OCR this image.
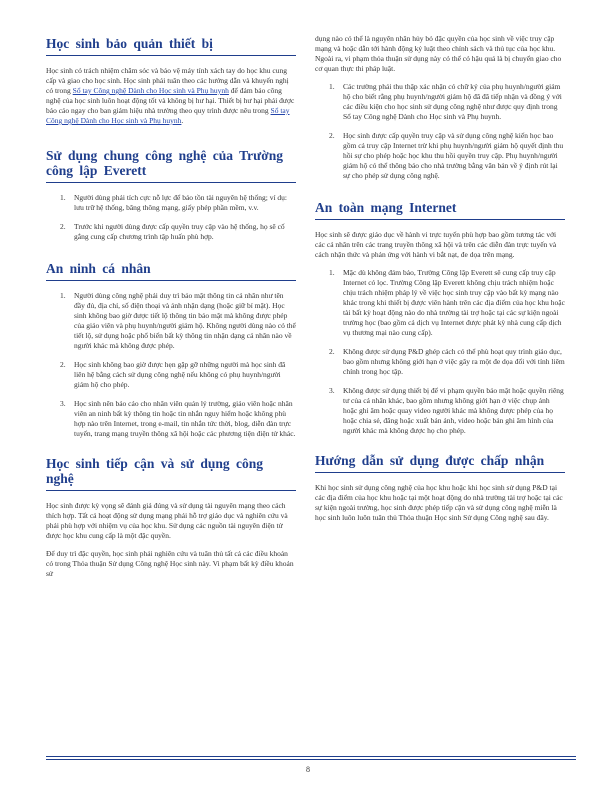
Học sinh bảo quản thiết bị
Học sinh có trách nhiệm chăm sóc và bảo vệ máy tính xách tay do học khu cung cấp và giao cho học sinh. Học sinh phải tuân theo các hướng dẫn và khuyến nghị có trong Sổ tay Công nghệ Dành cho Học sinh và Phụ huynh để đảm bảo công nghệ của học sinh luôn hoạt động tốt và không bị hư hại. Thiết bị hư hại phải được báo cáo ngay cho ban giám hiệu nhà trường theo quy trình được nêu trong Sổ tay Công nghệ Dành cho Học sinh và Phụ huynh.
Sử dụng chung công nghệ của Trường công lập Everett
1. Người dùng phải tích cực nỗ lực để bảo tồn tài nguyên hệ thống; ví dụ: lưu trữ hệ thống, băng thông mạng, giấy phép phần mềm, v.v.
2. Trước khi người dùng được cấp quyền truy cập vào hệ thống, họ sẽ cố gắng cung cấp chương trình tập huấn phù hợp.
An ninh cá nhân
1. Người dùng công nghệ phải duy trì bảo mật thông tin cá nhân như tên đầy đủ, địa chỉ, số điện thoại và ảnh nhận dạng (hoặc giữ bí mật). Học sinh không bao giờ được tiết lộ thông tin bảo mật mà không được phép của giáo viên và phụ huynh/người giám hộ. Không người dùng nào có thể tiết lộ, sử dụng hoặc phổ biến bất kỳ thông tin nhận dạng cá nhân nào về người khác mà không được phép.
2. Học sinh không bao giờ được hẹn gặp gỡ những người mà học sinh đã liên hệ bằng cách sử dụng công nghệ nếu không có phụ huynh/người giám hộ cho phép.
3. Học sinh nên báo cáo cho nhân viên quản lý trường, giáo viên hoặc nhân viên an ninh bất kỳ thông tin hoặc tin nhắn nguy hiểm hoặc không phù hợp nào trên Internet, trong e-mail, tin nhắn tức thời, blog, diễn đàn trực tuyến, trang mạng truyền thông xã hội hoặc các phương tiện điện tử khác.
Học sinh tiếp cận và sử dụng công nghệ
Học sinh được kỳ vọng sẽ đánh giá đúng và sử dụng tài nguyên mạng theo cách thích hợp. Tất cả hoạt động sử dụng mạng phải hỗ trợ giáo dục và nghiên cứu và phải phù hợp với nhiệm vụ của học khu. Sử dụng các nguồn tài nguyên điện tử được học khu cung cấp là một đặc quyền.
Để duy trì đặc quyền, học sinh phải nghiên cứu và tuân thủ tất cả các điều khoản có trong Thỏa thuận Sử dụng Công nghệ Học sinh này. Vi phạm bất kỳ điều khoản sử
dụng nào có thể là nguyên nhân hủy bỏ đặc quyền của học sinh về việc truy cập mạng và hoặc dẫn tới hành động kỷ luật theo chính sách và thủ tục của học khu. Ngoài ra, vi phạm thỏa thuận sử dụng này có thể có hậu quả là bị chuyển giao cho cơ quan thực thi pháp luật.
1. Các trường phải thu thập xác nhận có chữ ký của phụ huynh/người giám hộ cho biết rằng phụ huynh/người giám hộ đã đã tiếp nhận và đồng ý với các điều kiện cho học sinh sử dụng công nghệ như được quy định trong Sổ tay Công nghệ Dành cho Học sinh và Phụ huynh.
2. Học sinh được cấp quyền truy cập và sử dụng công nghệ kiến học bao gồm cả truy cập Internet trừ khi phụ huynh/người giám hộ quyết định thu hồi sự cho phép hoặc học khu thu hồi quyền truy cập. Phụ huynh/người giám hộ có thể thông báo cho nhà trường bằng văn bản về ý định rút lại sự cho phép sử dụng công nghệ.
An toàn mạng Internet
Học sinh sẽ được giáo dục về hành vi trực tuyến phù hợp bao gồm tương tác với các cá nhân trên các trang truyền thông xã hội và trên các diễn đàn trực tuyến và cách nhận thức và phản ứng với hành vi bắt nạt, đe dọa trên mạng.
1. Mặc dù không đảm bảo, Trường Công lập Everett sẽ cung cấp truy cập Internet có lọc. Trường Công lập Everett không chịu trách nhiệm hoặc chịu trách nhiệm pháp lý về việc học sinh truy cập vào bất kỳ mạng nào khác trong khi thiết bị được viên hành trên các địa điểm của học khu hoặc tài bất kỳ hoạt động nào do nhà trường tài trợ hoặc tại các sự kiện ngoài trường học (bao gồm cả dịch vụ Internet được phát kỳ nhà cung cấp dịch vụ thương mại nào cung cấp).
2. Không được sử dụng P&D ghép cách có thể phù hoạt quy trình giáo dục, bao gồm nhưng không giới hạn ở việc gây ra một đe dọa đối với tính liêm chính trong học tập.
3. Không được sử dụng thiết bị để vi phạm quyền bảo mật hoặc quyền riêng tư của cá nhân khác, bao gồm nhưng không giới hạn ở việc chụp ảnh hoặc ghi âm hoặc quay video người khác mà không được phép của họ hoặc chia sẻ, đăng hoặc xuất bản ảnh, video hoặc bản ghi âm hình của người khác mà không được họ cho phép.
Hướng dẫn sử dụng được chấp nhận
Khi học sinh sử dụng công nghệ của học khu hoặc khi học sinh sử dụng P&D tại các địa điểm của học khu hoặc tại một hoạt động do nhà trường tài trợ hoặc tại các sự kiện ngoài trường, học sinh được phép tiếp cận và sử dụng công nghệ miễn là học sinh luôn luôn tuân thủ Thỏa thuận Học sinh Sử dụng Công nghệ sau đây.
8
